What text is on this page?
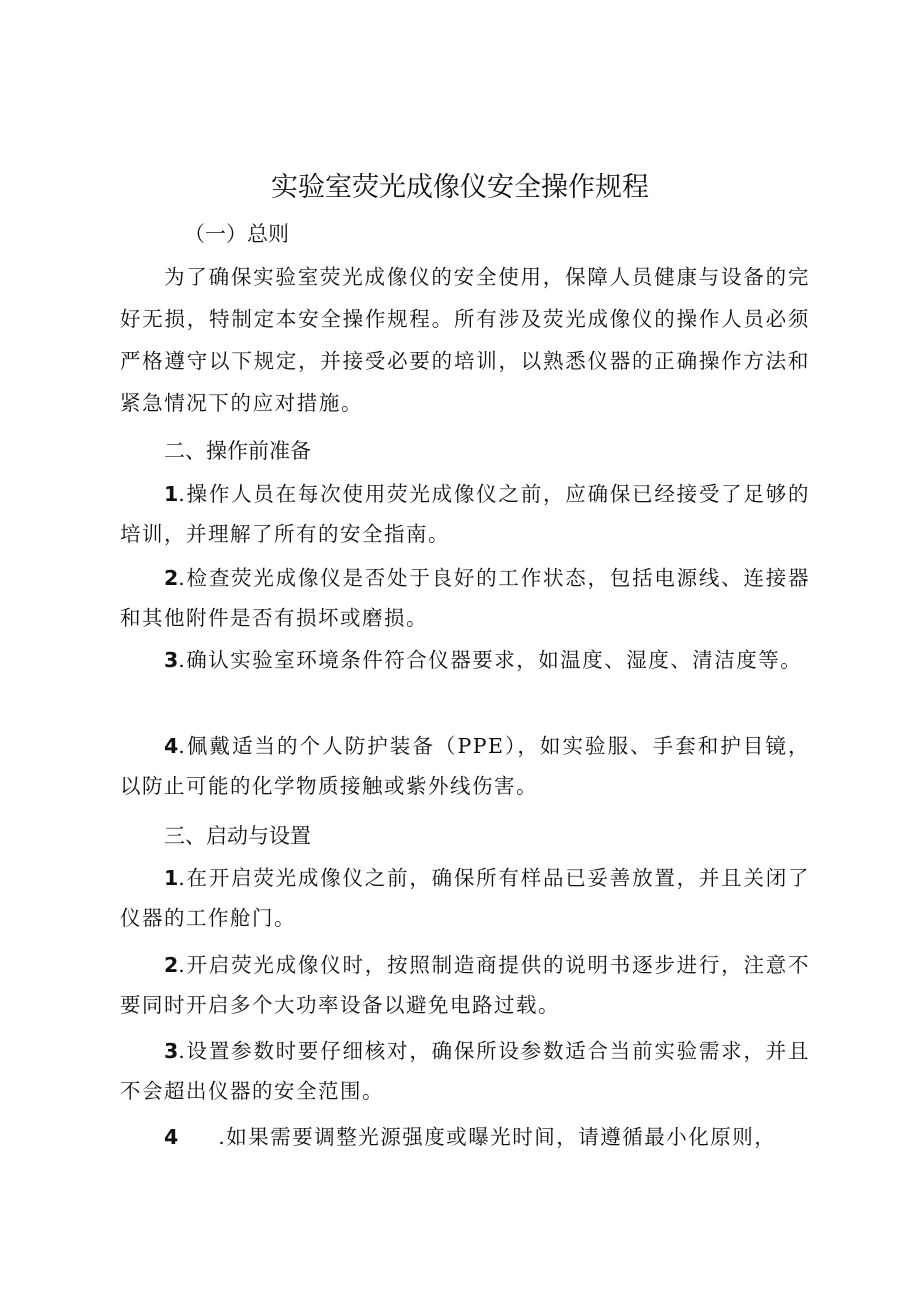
实验室荧光成像仪安全操作规程
（一）总则
为了确保实验室荧光成像仪的安全使用，保障人员健康与设备的完好无损，特制定本安全操作规程。所有涉及荧光成像仪的操作人员必须严格遵守以下规定，并接受必要的培训，以熟悉仪器的正确操作方法和紧急情况下的应对措施。
二、操作前准备
1.操作人员在每次使用荧光成像仪之前，应确保已经接受了足够的培训，并理解了所有的安全指南。
2.检查荧光成像仪是否处于良好的工作状态，包括电源线、连接器和其他附件是否有损坏或磨损。
3.确认实验室环境条件符合仪器要求，如温度、湿度、清洁度等。
4.佩戴适当的个人防护装备（PPE），如实验服、手套和护目镜，以防止可能的化学物质接触或紫外线伤害。
三、启动与设置
1.在开启荧光成像仪之前，确保所有样品已妥善放置，并且关闭了仪器的工作舱门。
2.开启荧光成像仪时，按照制造商提供的说明书逐步进行，注意不要同时开启多个大功率设备以避免电路过载。
3.设置参数时要仔细核对，确保所设参数适合当前实验需求，并且不会超出仪器的安全范围。
4 .如果需要调整光源强度或曝光时间，请遵循最小化原则，
